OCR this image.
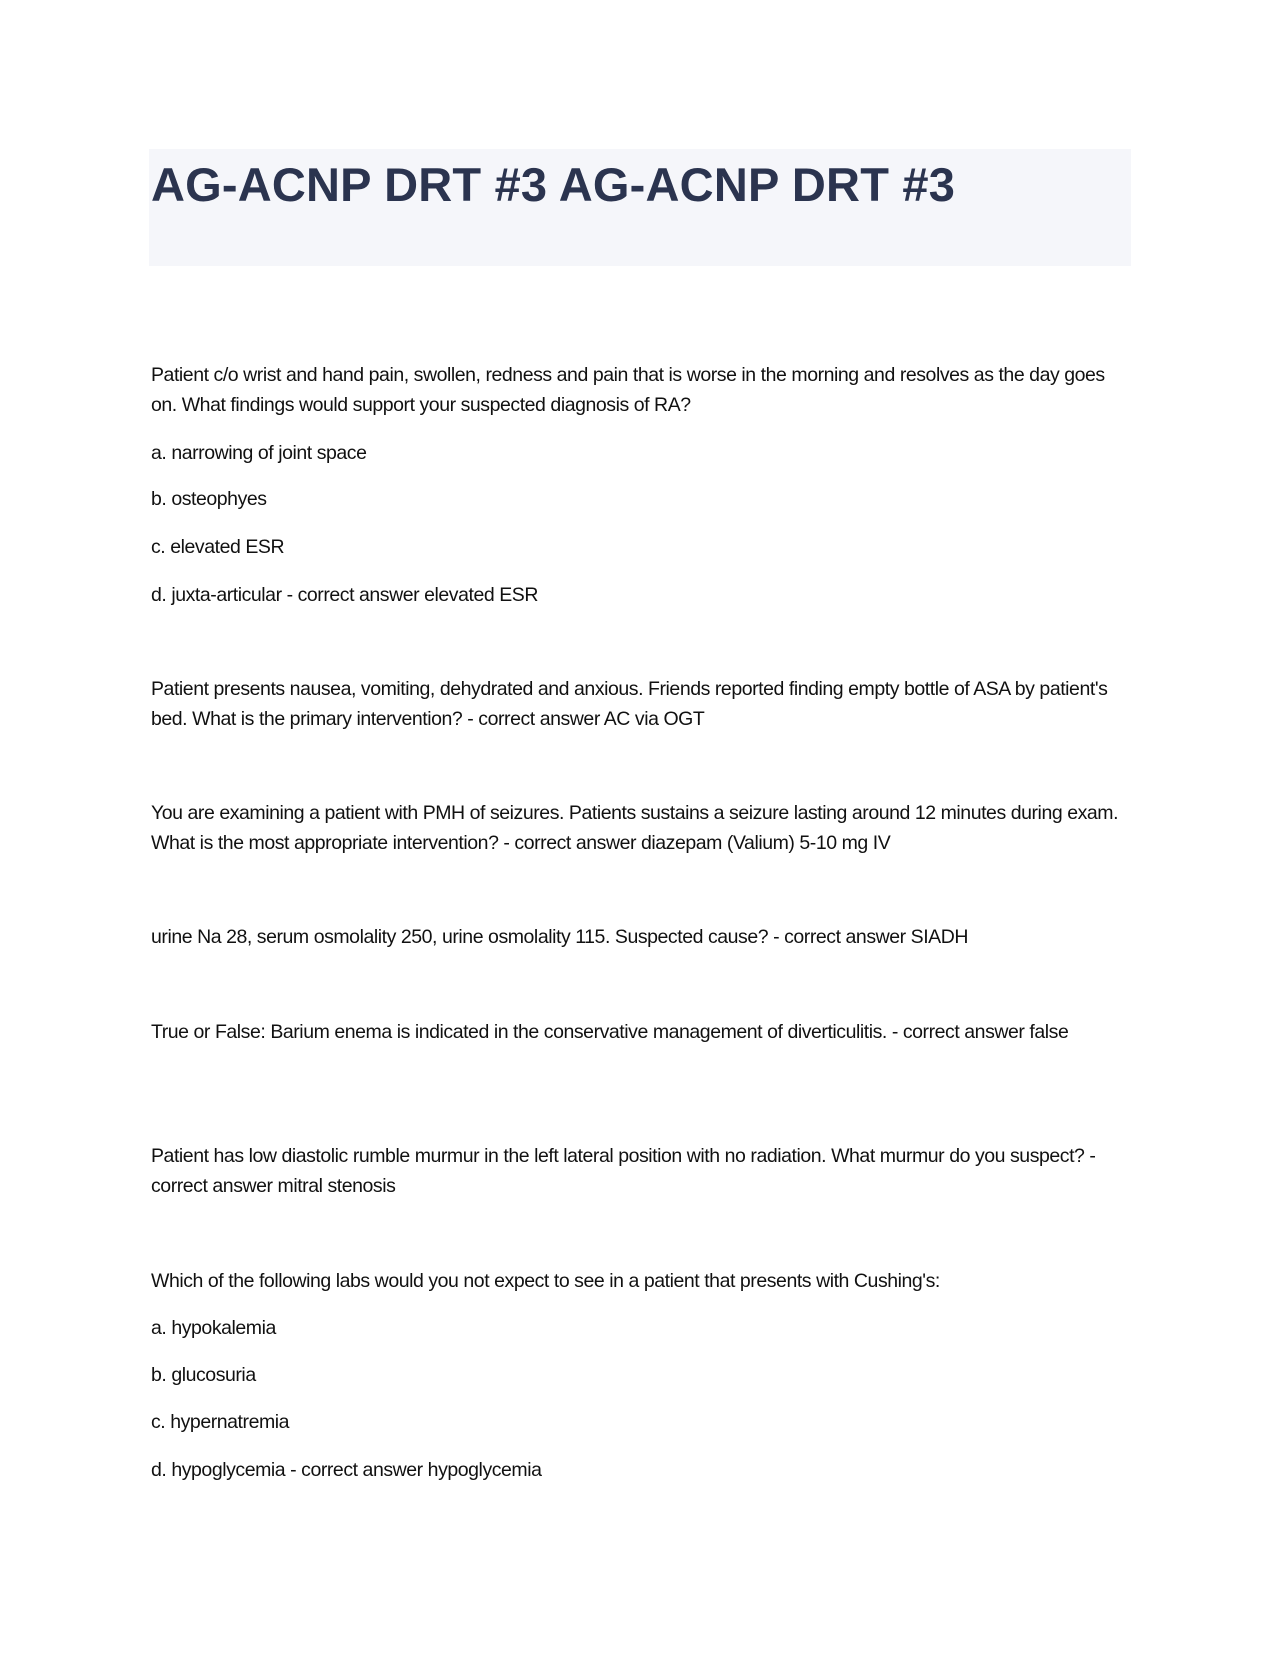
AG-ACNP DRT #3 AG-ACNP DRT #3

Patient c/o wrist and hand pain, swollen, redness and pain that is worse in the morning and resolves as the day goes on. What findings would support your suspected diagnosis of RA?

a. narrowing of joint space

b. osteophyes

c. elevated ESR

d. juxta-articular - correct answer elevated ESR

Patient presents nausea, vomiting, dehydrated and anxious. Friends reported finding empty bottle of ASA by patient's bed. What is the primary intervention? - correct answer AC via OGT

You are examining a patient with PMH of seizures. Patients sustains a seizure lasting around 12 minutes during exam. What is the most appropriate intervention? - correct answer diazepam (Valium) 5-10 mg IV

urine Na 28, serum osmolality 250, urine osmolality 115. Suspected cause? - correct answer SIADH

True or False: Barium enema is indicated in the conservative management of diverticulitis. - correct answer false

Patient has low diastolic rumble murmur in the left lateral position with no radiation. What murmur do you suspect? - correct answer mitral stenosis

Which of the following labs would you not expect to see in a patient that presents with Cushing's:

a. hypokalemia

b. glucosuria

c. hypernatremia

d. hypoglycemia - correct answer hypoglycemia
